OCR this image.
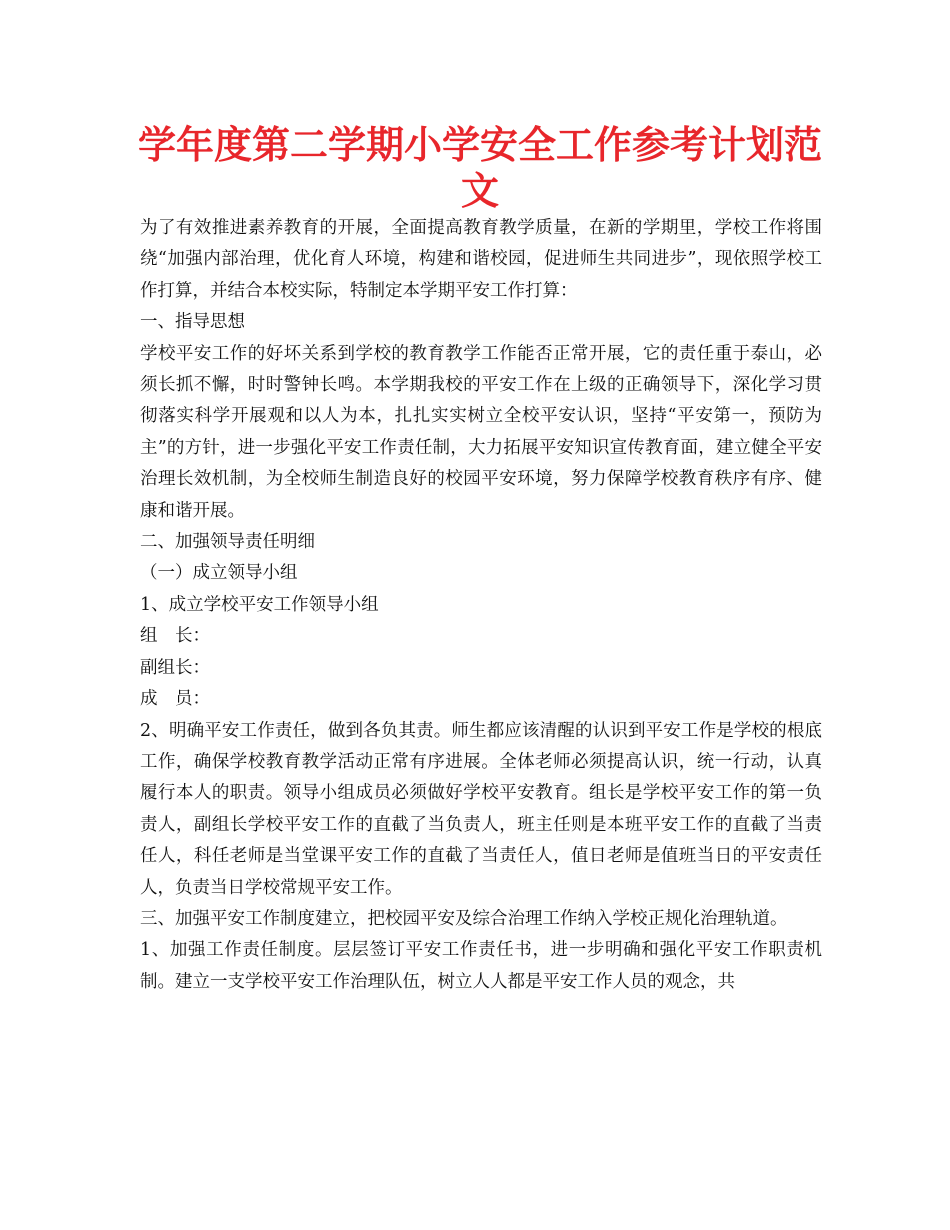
学年度第二学期小学安全工作参考计划范文

为了有效推进素养教育的开展，全面提高教育教学质量，在新的学期里，学校工作将围绕“加强内部治理，优化育人环境，构建和谐校园，促进师生共同进步”，现依照学校工作打算，并结合本校实际，特制定本学期平安工作打算：

一、指导思想

学校平安工作的好坏关系到学校的教育教学工作能否正常开展，它的责任重于泰山，必须长抓不懈，时时警钟长鸣。本学期我校的平安工作在上级的正确领导下，深化学习贯彻落实科学开展观和以人为本，扎扎实实树立全校平安认识，坚持“平安第一，预防为主”的方针，进一步强化平安工作责任制，大力拓展平安知识宣传教育面，建立健全平安治理长效机制，为全校师生制造良好的校园平安环境，努力保障学校教育秩序有序、健康和谐开展。

二、加强领导责任明细

（一）成立领导小组

1、成立学校平安工作领导小组

组　长：

副组长：

成　员：

2、明确平安工作责任，做到各负其责。师生都应该清醒的认识到平安工作是学校的根底工作，确保学校教育教学活动正常有序进展。全体老师必须提高认识，统一行动，认真履行本人的职责。领导小组成员必须做好学校平安教育。组长是学校平安工作的第一负责人，副组长学校平安工作的直截了当负责人，班主任则是本班平安工作的直截了当责任人，科任老师是当堂课平安工作的直截了当责任人，值日老师是值班当日的平安责任人，负责当日学校常规平安工作。

三、加强平安工作制度建立，把校园平安及综合治理工作纳入学校正规化治理轨道。

1、加强工作责任制度。层层签订平安工作责任书，进一步明确和强化平安工作职责机制。建立一支学校平安工作治理队伍，树立人人都是平安工作人员的观念，共
